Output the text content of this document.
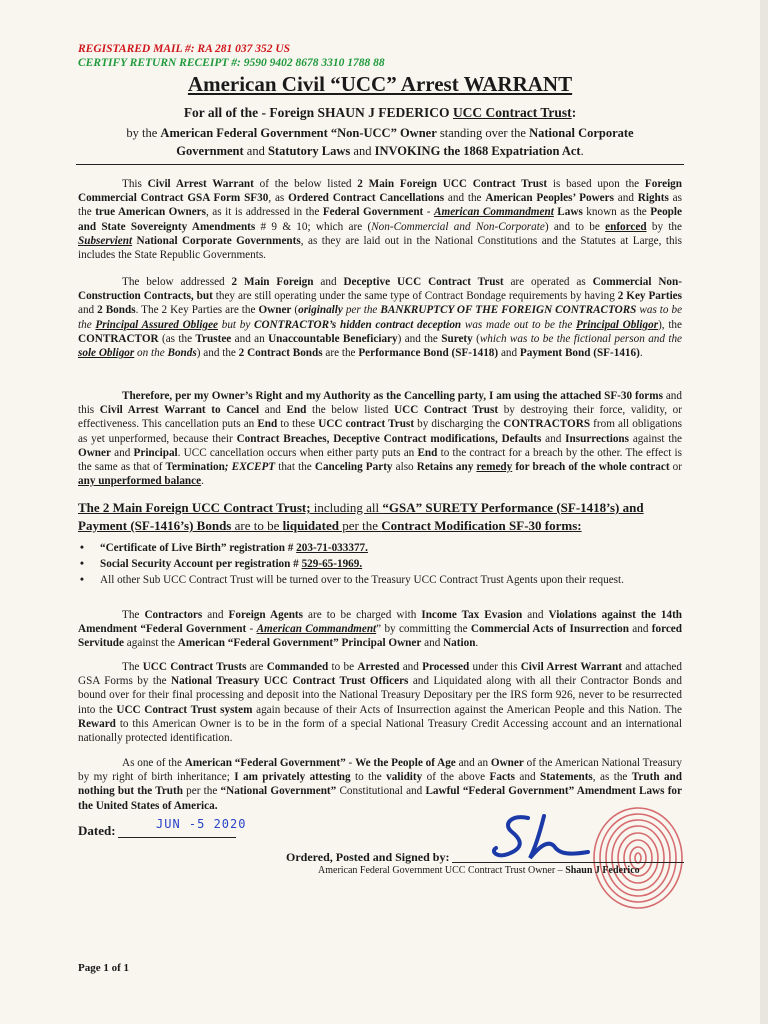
REGISTARED MAIL #: RA 281 037 352 US
CERTIFY RETURN RECEIPT #: 9590 9402 8678 3310 1788 88
American Civil “UCC” Arrest WARRANT
For all of the - Foreign SHAUN J FEDERICO UCC Contract Trust:
by the American Federal Government “Non-UCC” Owner standing over the National Corporate Government and Statutory Laws and INVOKING the 1868 Expatriation Act.
This Civil Arrest Warrant of the below listed 2 Main Foreign UCC Contract Trust is based upon the Foreign Commercial Contract GSA Form SF30, as Ordered Contract Cancellations and the American Peoples’ Powers and Rights as the true American Owners, as it is addressed in the Federal Government - American Commandment Laws known as the People and State Sovereignty Amendments # 9 & 10; which are (Non-Commercial and Non-Corporate) and to be enforced by the Subservient National Corporate Governments, as they are laid out in the National Constitutions and the Statutes at Large, this includes the State Republic Governments.
The below addressed 2 Main Foreign and Deceptive UCC Contract Trust are operated as Commercial Non-Construction Contracts, but they are still operating under the same type of Contract Bondage requirements by having 2 Key Parties and 2 Bonds. The 2 Key Parties are the Owner (originally per the BANKRUPTCY OF THE FOREIGN CONTRACTORS was to be the Principal Assured Obligee but by CONTRACTOR’s hidden contract deception was made out to be the Principal Obligor), the CONTRACTOR (as the Trustee and an Unaccountable Beneficiary) and the Surety (which was to be the fictional person and the sole Obligor on the Bonds) and the 2 Contract Bonds are the Performance Bond (SF-1418) and Payment Bond (SF-1416).
Therefore, per my Owner’s Right and my Authority as the Cancelling party, I am using the attached SF-30 forms and this Civil Arrest Warrant to Cancel and End the below listed UCC Contract Trust by destroying their force, validity, or effectiveness. This cancellation puts an End to these UCC contract Trust by discharging the CONTRACTORS from all obligations as yet unperformed, because their Contract Breaches, Deceptive Contract modifications, Defaults and Insurrections against the Owner and Principal. UCC cancellation occurs when either party puts an End to the contract for a breach by the other. The effect is the same as that of Termination; EXCEPT that the Canceling Party also Retains any remedy for breach of the whole contract or any unperformed balance.
The 2 Main Foreign UCC Contract Trust; including all “GSA” SURETY Performance (SF-1418’s) and Payment (SF-1416’s) Bonds are to be liquidated per the Contract Modification SF-30 forms:
• “Certificate of Live Birth” registration # 203-71-033377.
• Social Security Account per registration # 529-65-1969.
• All other Sub UCC Contract Trust will be turned over to the Treasury UCC Contract Trust Agents upon their request.
The Contractors and Foreign Agents are to be charged with Income Tax Evasion and Violations against the 14th Amendment “Federal Government - American Commandment” by committing the Commercial Acts of Insurrection and forced Servitude against the American “Federal Government” Principal Owner and Nation.
The UCC Contract Trusts are Commanded to be Arrested and Processed under this Civil Arrest Warrant and attached GSA Forms by the National Treasury UCC Contract Trust Officers and Liquidated along with all their Contractor Bonds and bound over for their final processing and deposit into the National Treasury Depositary per the IRS form 926, never to be resurrected into the UCC Contract Trust system again because of their Acts of Insurrection against the American People and this Nation. The Reward to this American Owner is to be in the form of a special National Treasury Credit Accessing account and an international nationally protected identification.
As one of the American “Federal Government” - We the People of Age and an Owner of the American National Treasury by my right of birth inheritance; I am privately attesting to the validity of the above Facts and Statements, as the Truth and nothing but the Truth per the “National Government” Constitutional and Lawful “Federal Government” Amendment Laws for the United States of America.
Dated:	JUN -5 2020
Ordered, Posted and Signed by:
American Federal Government UCC Contract Trust Owner – Shaun J Federico
Page 1 of 1
